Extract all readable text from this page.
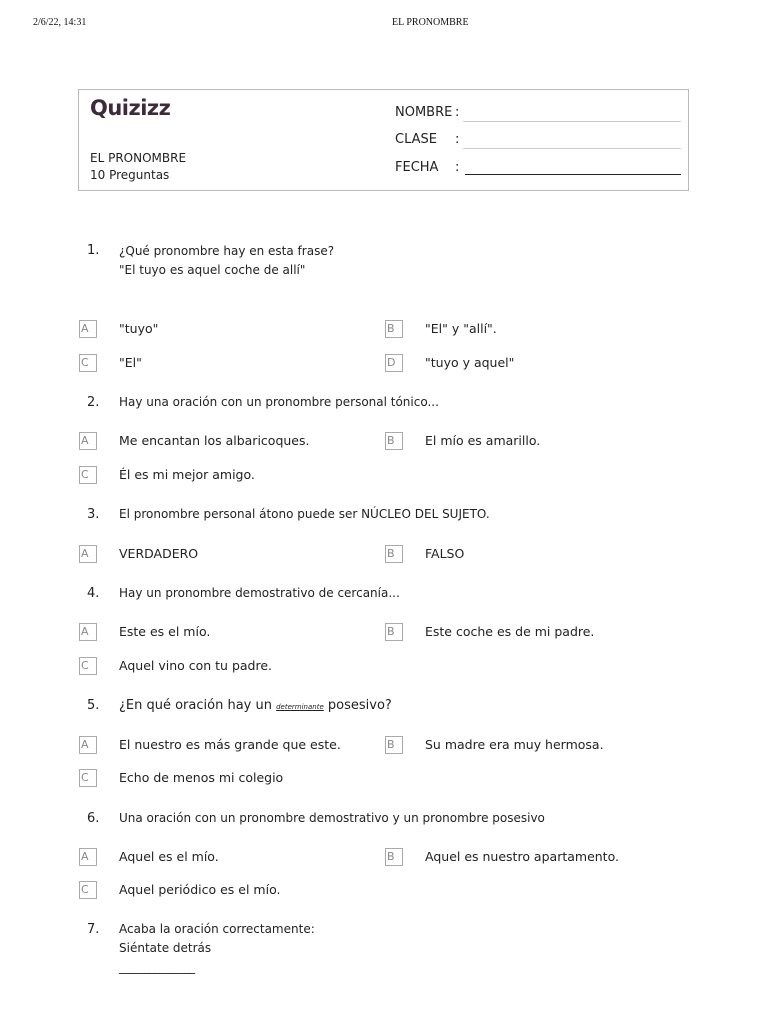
2/6/22, 14:31	EL PRONOMBRE
Quizizz
EL PRONOMBRE
10 Preguntas
NOMBRE :
CLASE :
FECHA :
1. ¿Qué pronombre hay en esta frase? "El tuyo es aquel coche de allí"
A	"tuyo"	B	"El" y "allí".
C	"El"	D	"tuyo y aquel"
2. Hay una oración con un pronombre personal tónico...
A	Me encantan los albaricoques.	B	El mío es amarillo.
C	Él es mi mejor amigo.
3. El pronombre personal átono puede ser NÚCLEO DEL SUJETO.
A	VERDADERO	B	FALSO
4. Hay un pronombre demostrativo de cercanía...
A	Este es el mío.	B	Este coche es de mi padre.
C	Aquel vino con tu padre.
5. ¿En qué oración hay un determinante posesivo?
A	El nuestro es más grande que este.	B	Su madre era muy hermosa.
C	Echo de menos mi colegio
6. Una oración con un pronombre demostrativo y un pronombre posesivo
A	Aquel es el mío.	B	Aquel es nuestro apartamento.
C	Aquel periódico es el mío.
7. Acaba la oración correctamente: Siéntate detrás
_______________
